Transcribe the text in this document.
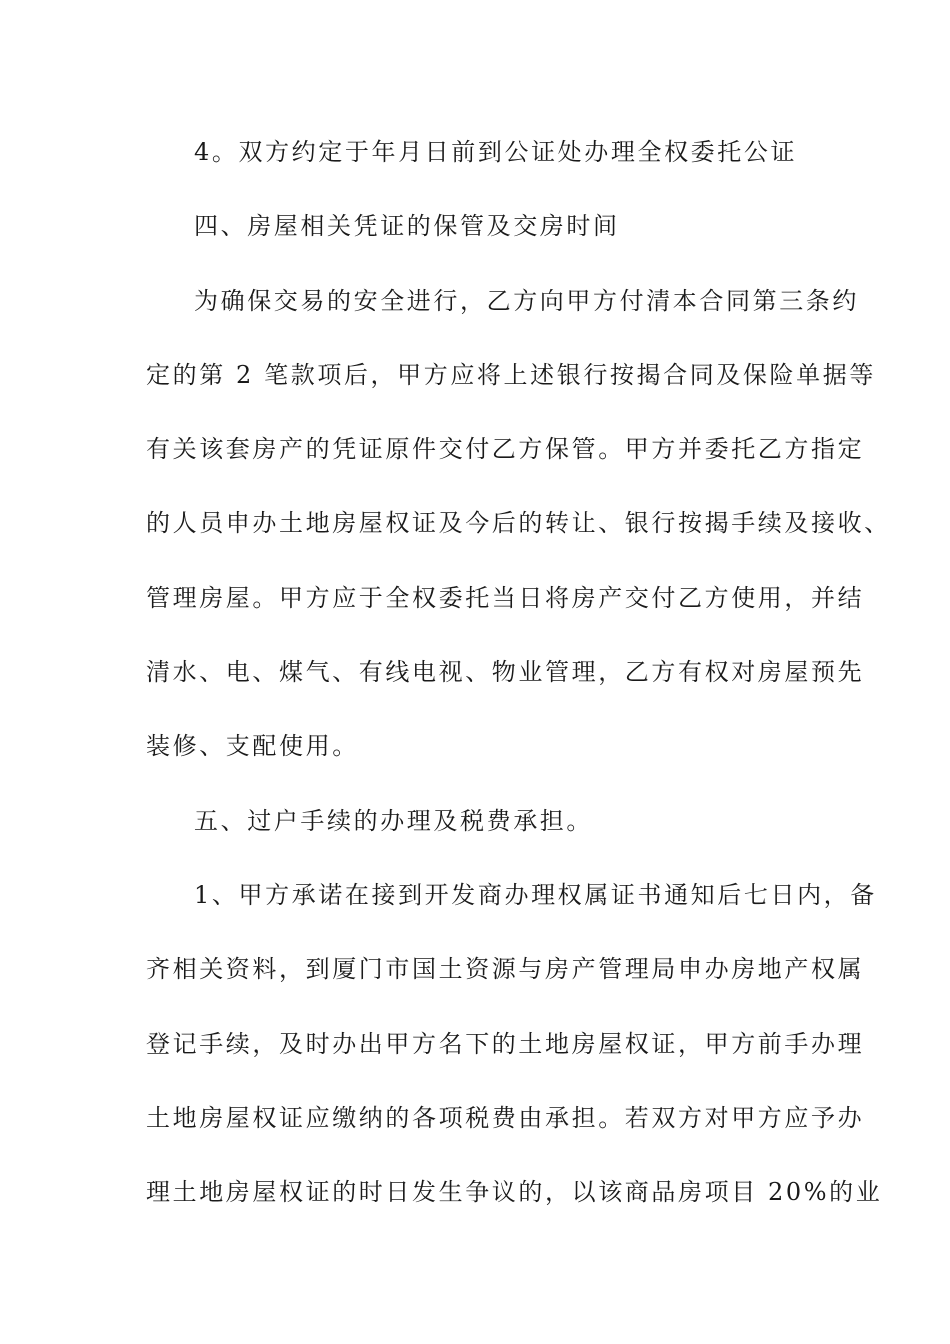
4。双方约定于年月日前到公证处办理全权委托公证

四、房屋相关凭证的保管及交房时间

为确保交易的安全进行，乙方向甲方付清本合同第三条约

定的第 2 笔款项后，甲方应将上述银行按揭合同及保险单据等

有关该套房产的凭证原件交付乙方保管。甲方并委托乙方指定

的人员申办土地房屋权证及今后的转让、银行按揭手续及接收、

管理房屋。甲方应于全权委托当日将房产交付乙方使用，并结

清水、电、煤气、有线电视、物业管理，乙方有权对房屋预先

装修、支配使用。

五、过户手续的办理及税费承担。

1、甲方承诺在接到开发商办理权属证书通知后七日内，备

齐相关资料，到厦门市国土资源与房产管理局申办房地产权属

登记手续，及时办出甲方名下的土地房屋权证，甲方前手办理

土地房屋权证应缴纳的各项税费由承担。若双方对甲方应予办

理土地房屋权证的时日发生争议的，以该商品房项目 20%的业
